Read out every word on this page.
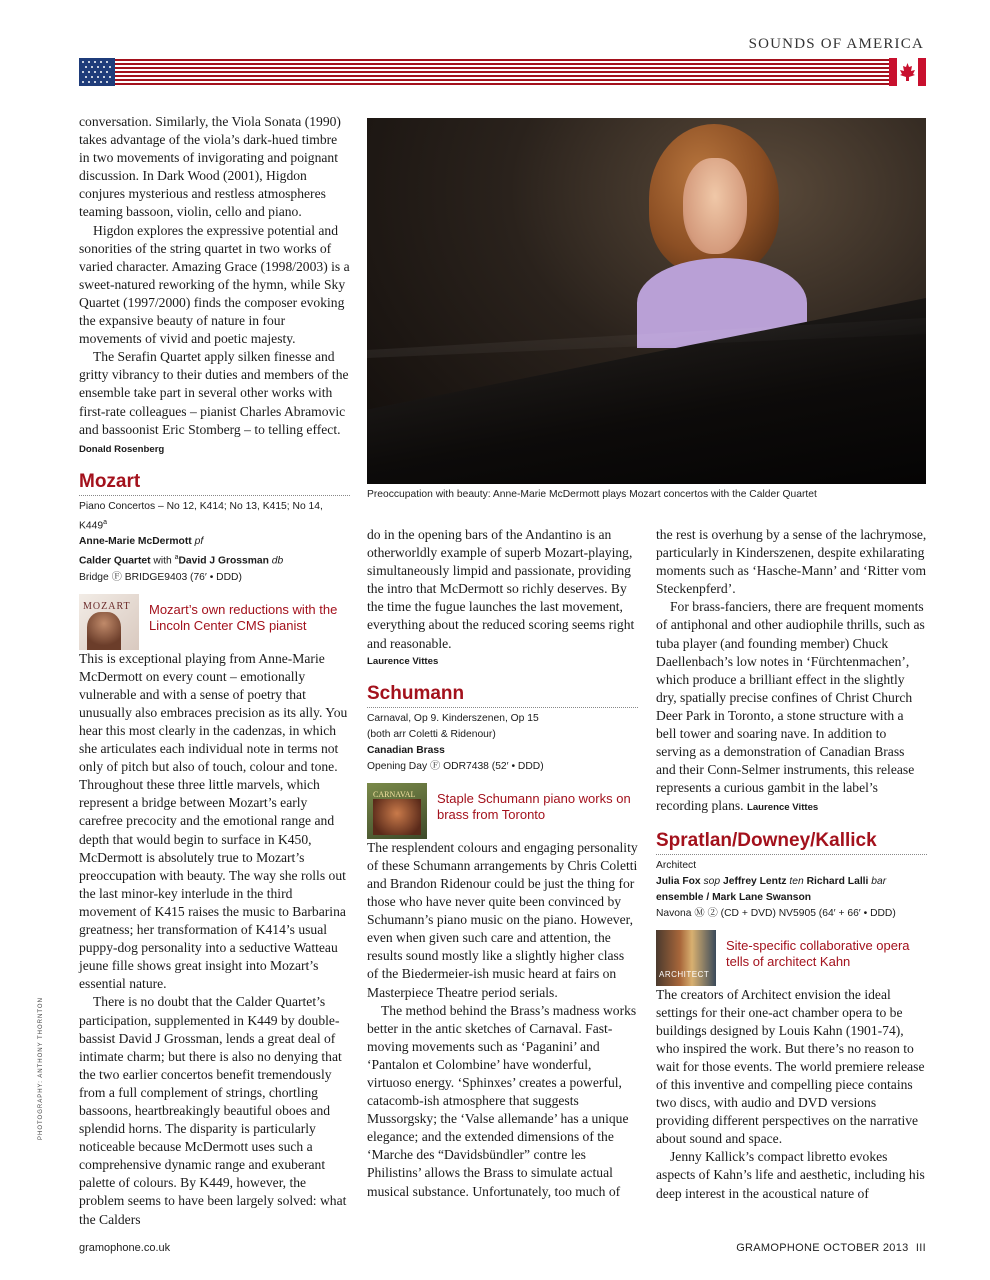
SOUNDS OF AMERICA
Preoccupation with beauty: Anne-Marie McDermott plays Mozart concertos with the Calder Quartet
PHOTOGRAPHY: ANTHONY THORNTON

conversation. Similarly, the Viola Sonata (1990) takes advantage of the viola’s dark-hued timbre in two movements of invigorating and poignant discussion. In Dark Wood (2001), Higdon conjures mysterious and restless atmospheres teaming bassoon, violin, cello and piano.

Higdon explores the expressive potential and sonorities of the string quartet in two works of varied character. Amazing Grace (1998/2003) is a sweet-natured reworking of the hymn, while Sky Quartet (1997/2000) finds the composer evoking the expansive beauty of nature in four movements of vivid and poetic majesty.

The Serafin Quartet apply silken finesse and gritty vibrancy to their duties and members of the ensemble take part in several other works with first-rate colleagues – pianist Charles Abramovic and bassoonist Eric Stomberg – to telling effect. Donald Rosenberg

Mozart
Piano Concertos – No 12, K414; No 13, K415; No 14, K449$^a$
Anne-Marie McDermott pf
Calder Quartet with $^a$David J Grossman db
Bridge Ⓕ BRIDGE9403 (76′ • DDD)
MOZART Mozart’s own reductions with the Lincoln Center CMS pianist

This is exceptional playing from Anne-Marie McDermott on every count – emotionally vulnerable and with a sense of poetry that unusually also embraces precision as its ally. You hear this most clearly in the cadenzas, in which she articulates each individual note in terms not only of pitch but also of touch, colour and tone. Throughout these three little marvels, which represent a bridge between Mozart’s early carefree precocity and the emotional range and depth that would begin to surface in K450, McDermott is absolutely true to Mozart’s preoccupation with beauty. The way she rolls out the last minor-key interlude in the third movement of K415 raises the music to Barbarina greatness; her transformation of K414’s usual puppy-dog personality into a seductive Watteau jeune fille shows great insight into Mozart’s essential nature.

There is no doubt that the Calder Quartet’s participation, supplemented in K449 by double-bassist David J Grossman, lends a great deal of intimate charm; but there is also no denying that the two earlier concertos benefit tremendously from a full complement of strings, chortling bassoons, heartbreakingly beautiful oboes and splendid horns. The disparity is particularly noticeable because McDermott uses such a comprehensive dynamic range and exuberant palette of colours. By K449, however, the problem seems to have been largely solved: what the Calders

do in the opening bars of the Andantino is an otherworldly example of superb Mozart-playing, simultaneously limpid and passionate, providing the intro that McDermott so richly deserves. By the time the fugue launches the last movement, everything about the reduced scoring seems right and reasonable.
Laurence Vittes

Schumann
Carnaval, Op 9. Kinderszenen, Op 15
(both arr Coletti & Ridenour)
Canadian Brass
Opening Day Ⓕ ODR7438 (52′ • DDD)
CARNAVAL Staple Schumann piano works on brass from Toronto

The resplendent colours and engaging personality of these Schumann arrangements by Chris Coletti and Brandon Ridenour could be just the thing for those who have never quite been convinced by Schumann’s piano music on the piano. However, even when given such care and attention, the results sound mostly like a slightly higher class of the Biedermeier-ish music heard at fairs on Masterpiece Theatre period serials.

The method behind the Brass’s madness works better in the antic sketches of Carnaval. Fast-moving movements such as ‘Paganini’ and ‘Pantalon et Colombine’ have wonderful, virtuoso energy. ‘Sphinxes’ creates a powerful, catacomb-ish atmosphere that suggests Mussorgsky; the ‘Valse allemande’ has a unique elegance; and the extended dimensions of the ‘Marche des “Davidsbündler” contre les Philistins’ allows the Brass to simulate actual musical substance. Unfortunately, too much of

the rest is overhung by a sense of the lachrymose, particularly in Kinderszenen, despite exhilarating moments such as ‘Hasche-Mann’ and ‘Ritter vom Steckenpferd’.

For brass-fanciers, there are frequent moments of antiphonal and other audiophile thrills, such as tuba player (and founding member) Chuck Daellenbach’s low notes in ‘Fürchtenmachen’, which produce a brilliant effect in the slightly dry, spatially precise confines of Christ Church Deer Park in Toronto, a stone structure with a bell tower and soaring nave. In addition to serving as a demonstration of Canadian Brass and their Conn-Selmer instruments, this release represents a curious gambit in the label’s recording plans. Laurence Vittes

Spratlan/Downey/Kallick
Architect
Julia Fox sop Jeffrey Lentz ten Richard Lalli bar
ensemble / Mark Lane Swanson
Navona Ⓜ ② (CD + DVD) NV5905 (64′ + 66′ • DDD)
ARCHITECT
Site-specific collaborative opera tells of architect Kahn

The creators of Architect envision the ideal settings for their one-act chamber opera to be buildings designed by Louis Kahn (1901-74), who inspired the work. But there’s no reason to wait for those events. The world premiere release of this inventive and compelling piece contains two discs, with audio and DVD versions providing different perspectives on the narrative about sound and space.

Jenny Kallick’s compact libretto evokes aspects of Kahn’s life and aesthetic, including his deep interest in the acoustical nature of

gramophone.co.uk	GRAMOPHONE OCTOBER 2013 III
